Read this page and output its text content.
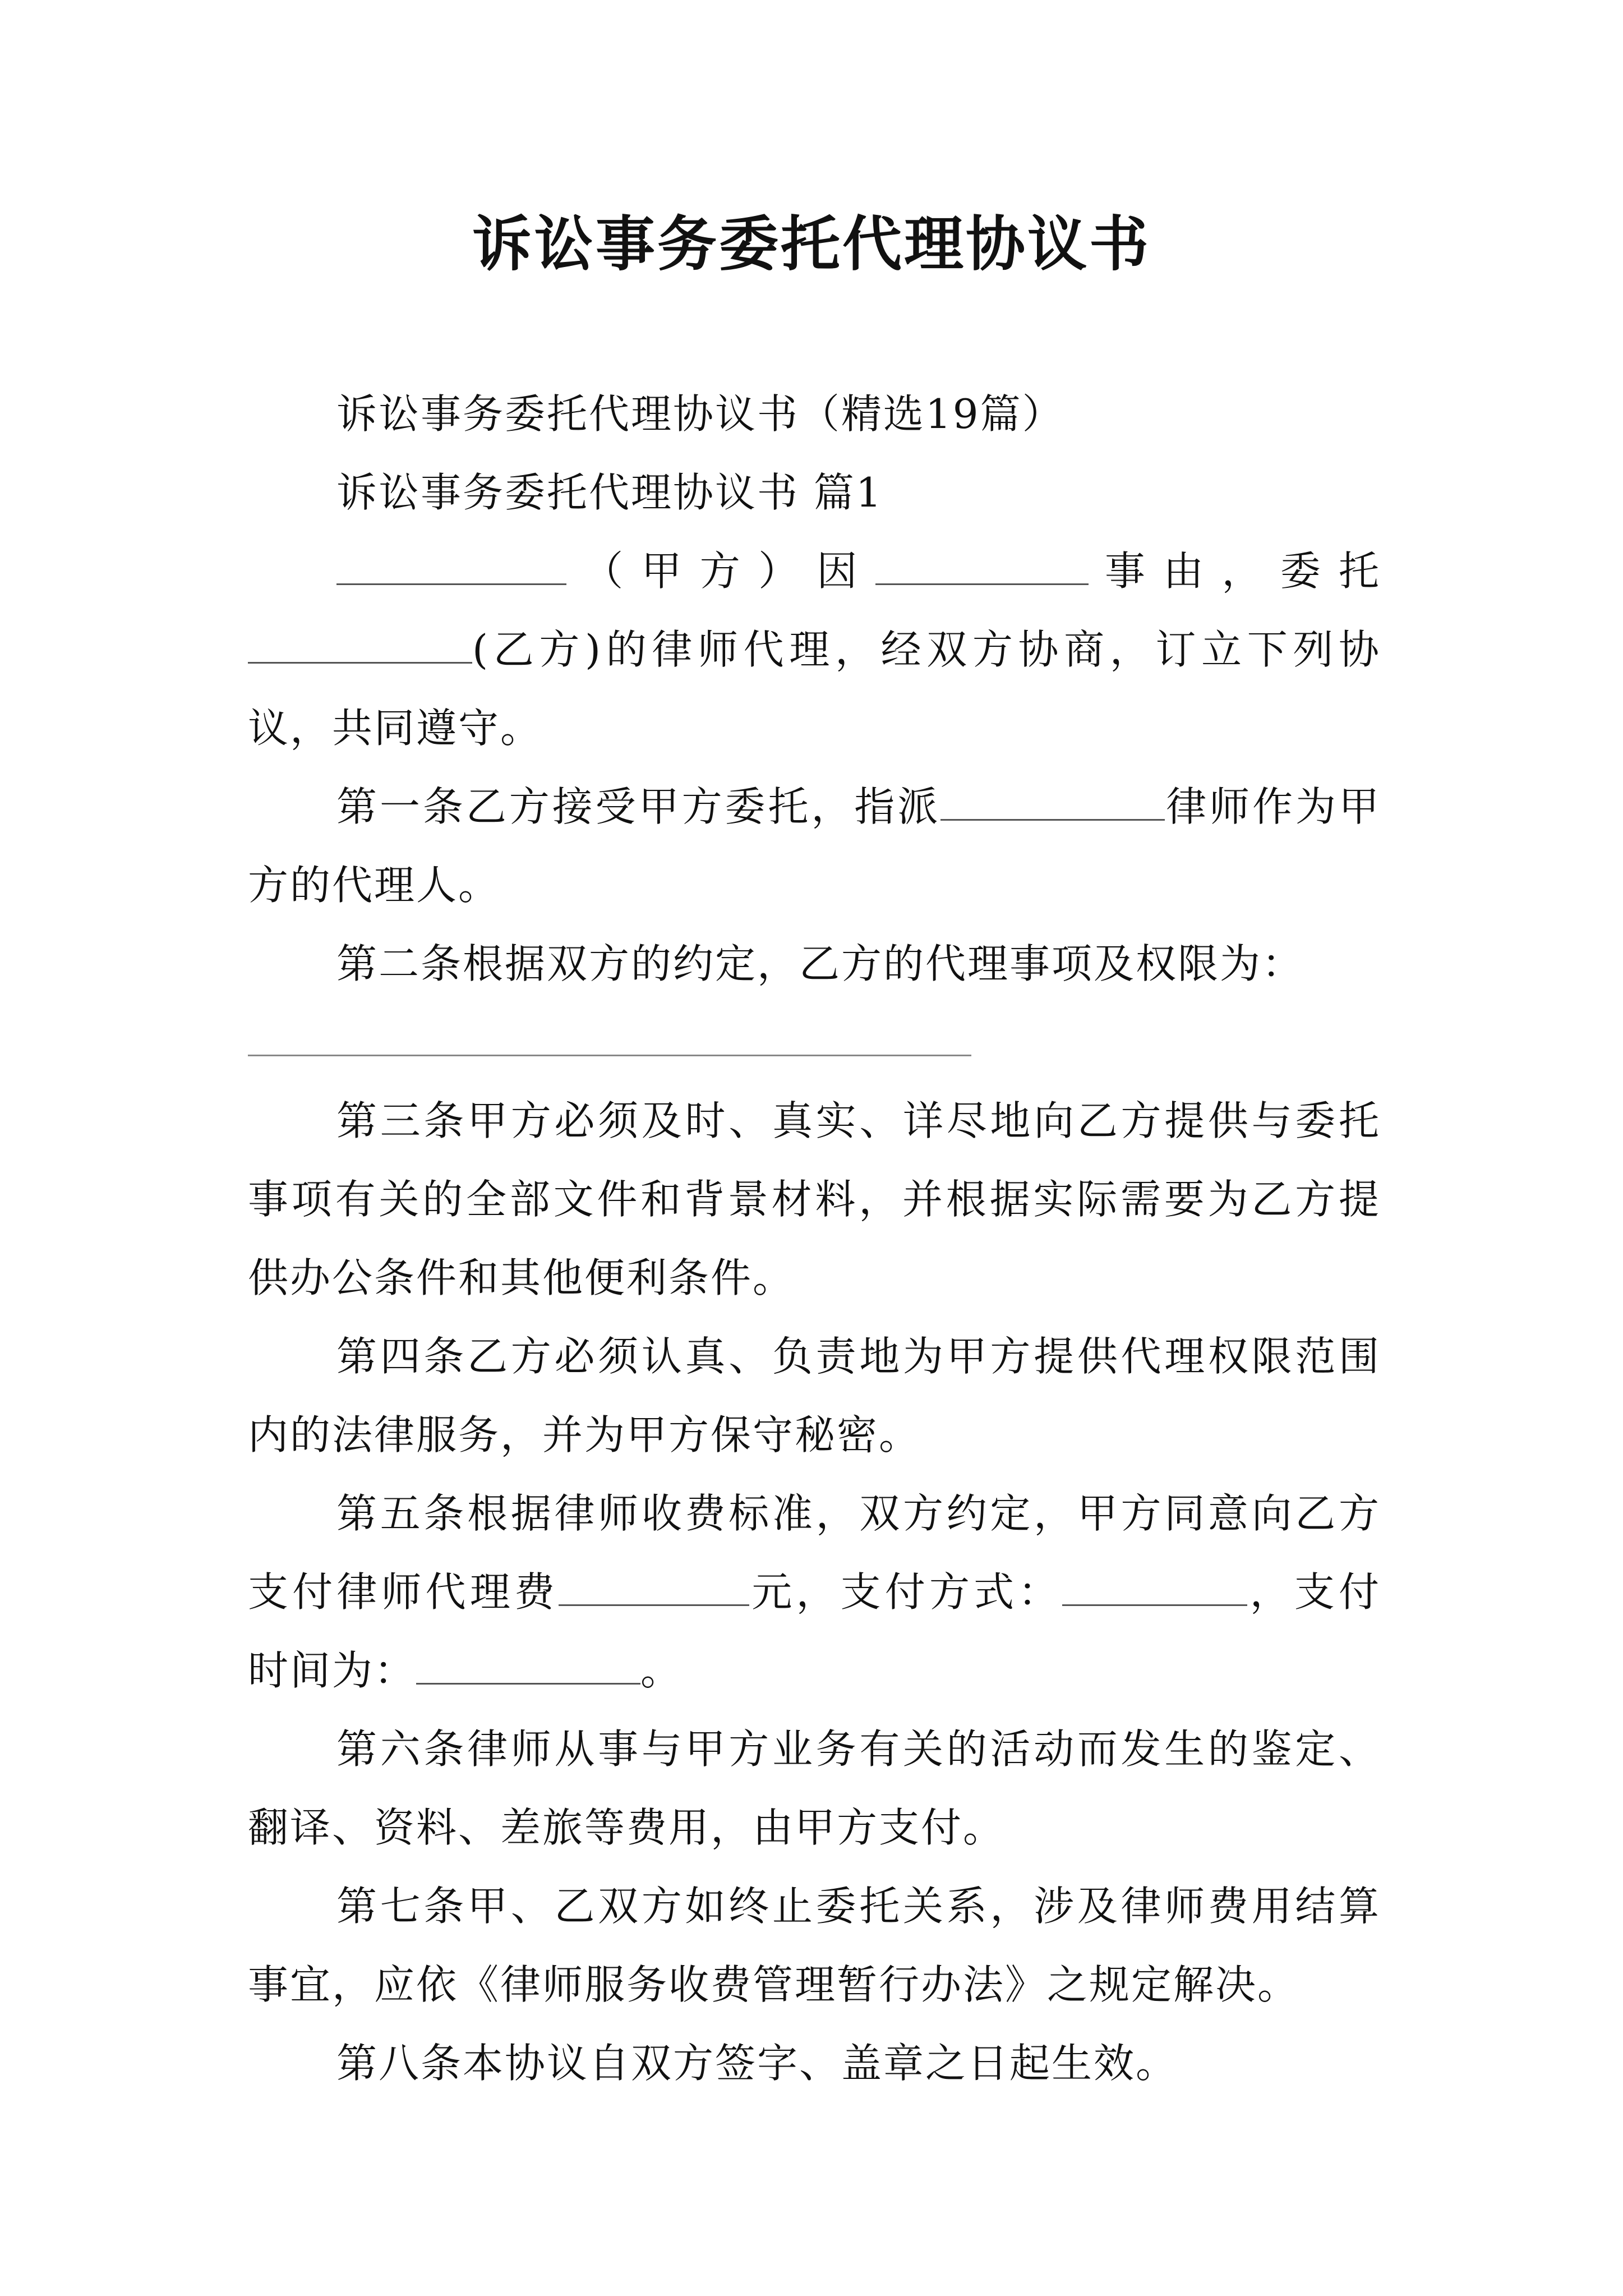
诉讼事务委托代理协议书

诉讼事务委托代理协议书（精选19篇）

诉讼事务委托代理协议书 篇1

（甲方）因	事由，委托(乙方)的律师代理，经双方协商，订立下列协议，共同遵守。

第一条乙方接受甲方委托，指派	律师作为甲方的代理人。

第二条根据双方的约定，乙方的代理事项及权限为：

第三条甲方必须及时、真实、详尽地向乙方提供与委托事项有关的全部文件和背景材料，并根据实际需要为乙方提供办公条件和其他便利条件。

第四条乙方必须认真、负责地为甲方提供代理权限范围内的法律服务，并为甲方保守秘密。

第五条根据律师收费标准，双方约定，甲方同意向乙方支付律师代理费	元，支付方式：	，支付时间为：	。

第六条律师从事与甲方业务有关的活动而发生的鉴定、翻译、资料、差旅等费用，由甲方支付。

第七条甲、乙双方如终止委托关系，涉及律师费用结算事宜，应依《律师服务收费管理暂行办法》之规定解决。

第八条本协议自双方签字、盖章之日起生效。
